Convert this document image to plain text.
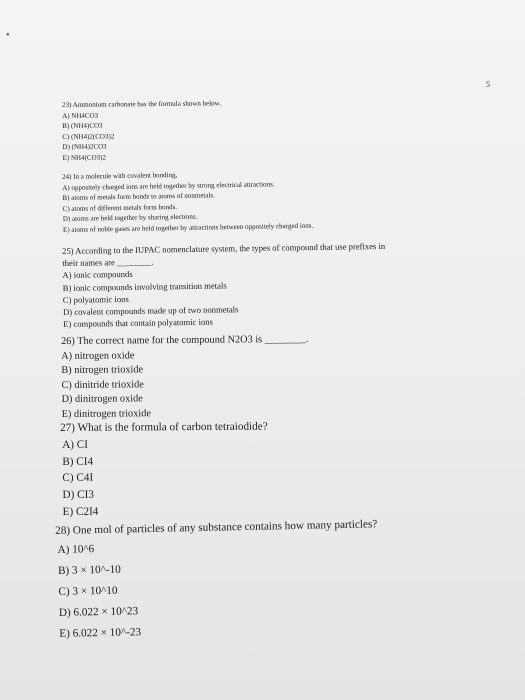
•
5
23) Ammonium carbonate has the formula shown below.
A) NH4CO3
B) (NH4)CO3
C) (NH4)2(CO3)2
D) (NH4)2CO3
E) NH4(CO3)2
24) In a molecule with covalent bonding,
A) oppositely charged ions are held together by strong electrical attractions.
B) atoms of metals form bonds to atoms of nonmetals.
C) atoms of different metals form bonds.
D) atoms are held together by sharing electrons.
E) atoms of noble gases are held together by attractions between oppositely charged ions.
25) According to the IUPAC nomenclature system, the types of compound that use prefixes in
their names are ________.
A) ionic compounds
B) ionic compounds involving transition metals
C) polyatomic ions
D) covalent compounds made up of two nonmetals
E) compounds that contain polyatomic ions
26) The correct name for the compound N2O3 is ________.
A) nitrogen oxide
B) nitrogen trioxide
C) dinitride trioxide
D) dinitrogen oxide
E) dinitrogen trioxide
27) What is the formula of carbon tetraiodide?
A) CI
B) CI4
C) C4I
D) CI3
E) C2I4
28) One mol of particles of any substance contains how many particles?
A) 10^6
B) 3 × 10^-10
C) 3 × 10^10
D) 6.022 × 10^23
E) 6.022 × 10^-23
